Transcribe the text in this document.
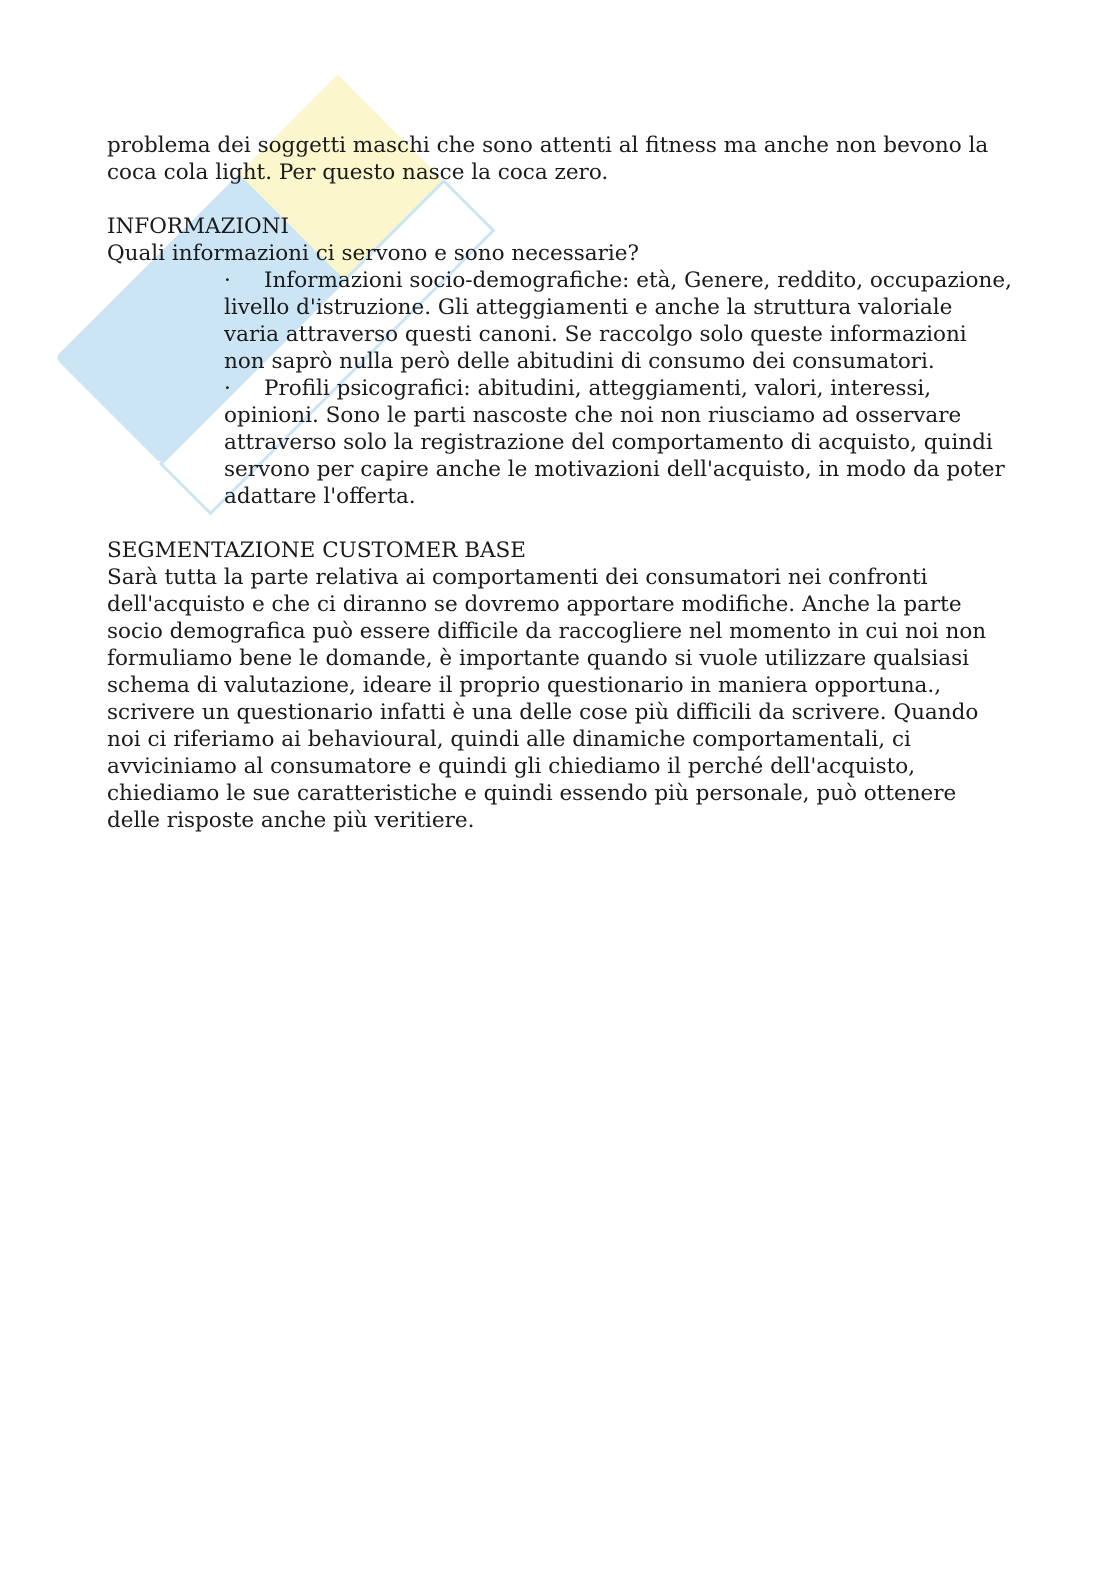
problema dei soggetti maschi che sono attenti al fitness ma anche non bevono la

coca cola light. Per questo nasce la coca zero.

INFORMAZIONI

Quali informazioni ci servono e sono necessarie?

· Informazioni socio-demografiche: età, Genere, reddito, occupazione, livello d'istruzione. Gli atteggiamenti e anche la struttura valoriale varia attraverso questi canoni. Se raccolgo solo queste informazioni non saprò nulla però delle abitudini di consumo dei consumatori.
· Profili psicografici: abitudini, atteggiamenti, valori, interessi, opinioni. Sono le parti nascoste che noi non riusciamo ad osservare attraverso solo la registrazione del comportamento di acquisto, quindi servono per capire anche le motivazioni dell'acquisto, in modo da poter adattare l'offerta.
SEGMENTAZIONE CUSTOMER BASE

Sarà tutta la parte relativa ai comportamenti dei consumatori nei confronti dell'acquisto e che ci diranno se dovremo apportare modifiche. Anche la parte socio demografica può essere difficile da raccogliere nel momento in cui noi non formuliamo bene le domande, è importante quando si vuole utilizzare qualsiasi schema di valutazione, ideare il proprio questionario in maniera opportuna., scrivere un questionario infatti è una delle cose più difficili da scrivere. Quando noi ci riferiamo ai behavioural, quindi alle dinamiche comportamentali, ci avviciniamo al consumatore e quindi gli chiediamo il perché dell'acquisto, chiediamo le sue caratteristiche e quindi essendo più personale, può ottenere delle risposte anche più veritiere.
